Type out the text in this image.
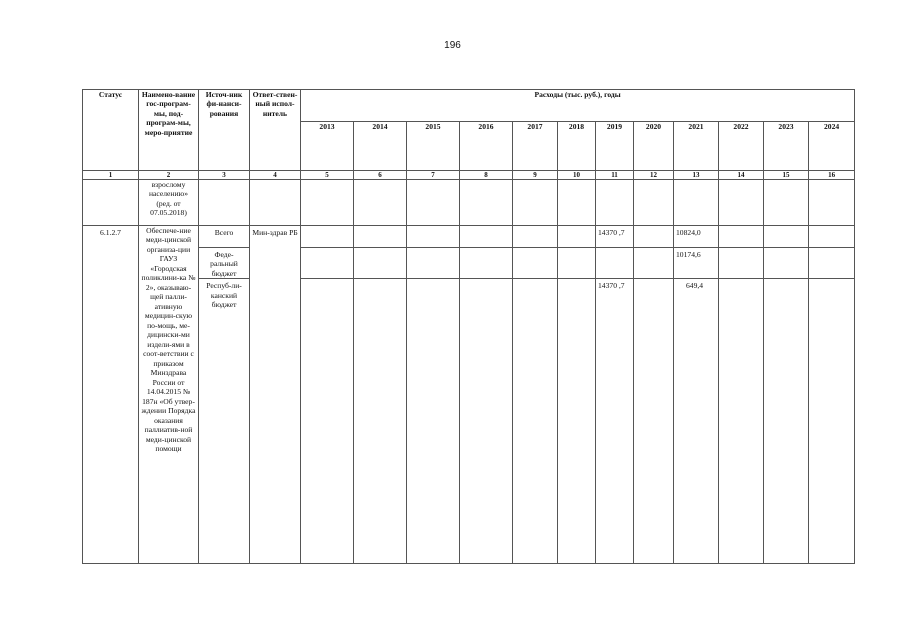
196
Статус	Наимено-вание гос-програм-мы, под-програм-мы, меро-приятие	Источ-ник фи-нанси-рования	Ответ-ствен-ный испол-нитель	Расходы (тыс. руб.), годы											
				2013	2014	2015	2016	2017	2018	2019	2020	2021	2022	2023	2024
1	2	3	4	5	6	7	8	9	10	11	12	13	14	15	16
	взрослому населению» (ред. от 07.05.2018)														
6.1.2.7	Обеспече-ние меди-цинской организа-ции ГАУЗ «Городская поликлини-ка № 2», оказываю-щей палли-ативную медицин-скую по-мощь, ме-дицински-ми издели-ями в соот-ветствии с приказом Минздрава России от 14.04.2015 № 187н «Об утвер-ждении Порядка оказания паллиатив-ной меди-цинской помощи	Всего	Мин-здрав РБ							14370 ,7		10824,0			
		Феде-ральный бюджет										10174,6			
		Респуб-ли-канский бюджет								14370 ,7		649,4			
